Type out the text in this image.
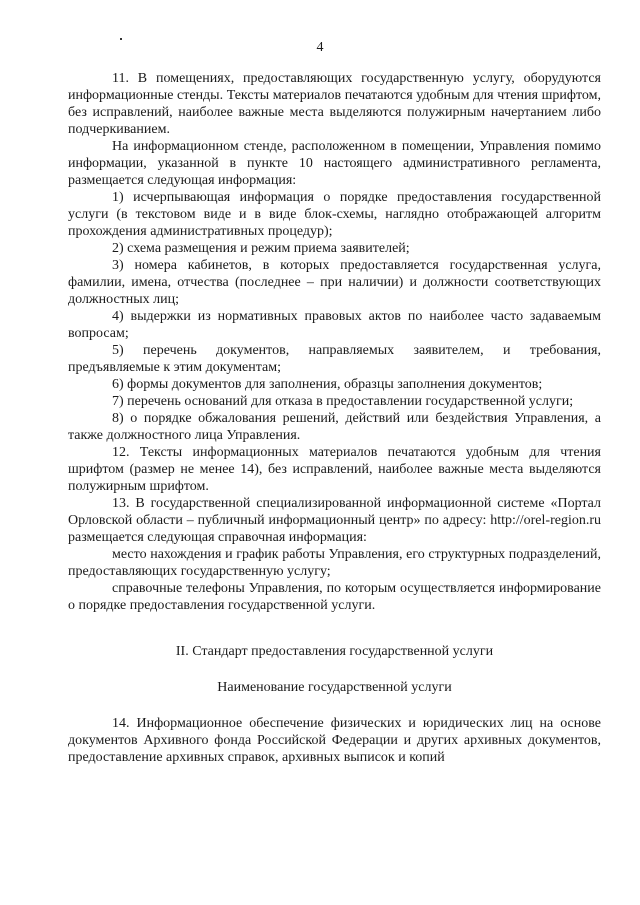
4

11. В помещениях, предоставляющих государственную услугу, оборудуются информационные стенды. Тексты материалов печатаются удобным для чтения шрифтом, без исправлений, наиболее важные места выделяются полужирным начертанием либо подчеркиванием.

На информационном стенде, расположенном в помещении, Управления помимо информации, указанной в пункте 10 настоящего административного регламента, размещается следующая информация:

1) исчерпывающая информация о порядке предоставления государственной услуги (в текстовом виде и в виде блок-схемы, наглядно отображающей алгоритм прохождения административных процедур);

2) схема размещения и режим приема заявителей;

3) номера кабинетов, в которых предоставляется государственная услуга, фамилии, имена, отчества (последнее – при наличии) и должности соответствующих должностных лиц;

4) выдержки из нормативных правовых актов по наиболее часто задаваемым вопросам;

5) перечень документов, направляемых заявителем, и требования, предъявляемые к этим документам;

6) формы документов для заполнения, образцы заполнения документов;

7) перечень оснований для отказа в предоставлении государственной услуги;

8) о порядке обжалования решений, действий или бездействия Управления, а также должностного лица Управления.

12. Тексты информационных материалов печатаются удобным для чтения шрифтом (размер не менее 14), без исправлений, наиболее важные места выделяются полужирным шрифтом.

13. В государственной специализированной информационной системе «Портал Орловской области – публичный информационный центр» по адресу: http://orel-region.ru размещается следующая справочная информация:

место нахождения и график работы Управления, его структурных подразделений, предоставляющих государственную услугу;

справочные телефоны Управления, по которым осуществляется информирование о порядке предоставления государственной услуги.

II. Стандарт предоставления государственной услуги

Наименование государственной услуги

14. Информационное обеспечение физических и юридических лиц на основе документов Архивного фонда Российской Федерации и других архивных документов, предоставление архивных справок, архивных выписок и копий
